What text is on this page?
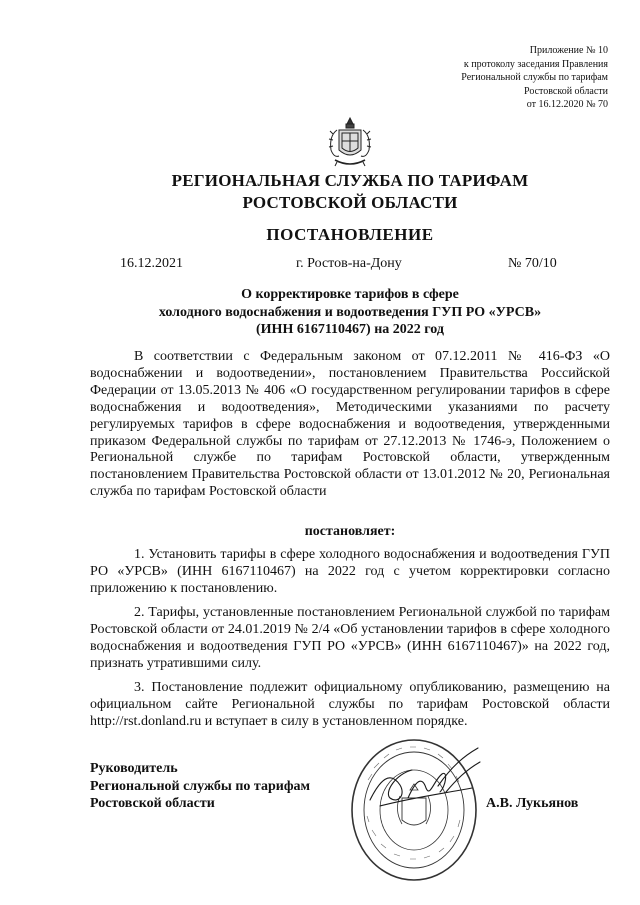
Приложение № 10
к протоколу заседания Правления
Региональной службы по тарифам
Ростовской области
от 16.12.2020 № 70
РЕГИОНАЛЬНАЯ СЛУЖБА ПО ТАРИФАМ
РОСТОВСКОЙ ОБЛАСТИ
ПОСТАНОВЛЕНИЕ
16.12.2021	г. Ростов-на-Дону	№ 70/10
О корректировке тарифов в сфере
холодного водоснабжения и водоотведения ГУП РО «УРСВ»
(ИНН 6167110467) на 2022 год

В соответствии с Федеральным законом от 07.12.2011 № 416-ФЗ «О водоснабжении и водоотведении», постановлением Правительства Российской Федерации от 13.05.2013 № 406 «О государственном регулировании тарифов в сфере водоснабжения и водоотведения», Методическими указаниями по расчету регулируемых тарифов в сфере водоснабжения и водоотведения, утвержденными приказом Федеральной службы по тарифам от 27.12.2013 № 1746-э, Положением о Региональной службе по тарифам Ростовской области, утвержденным постановлением Правительства Ростовской области от 13.01.2012 № 20, Региональная служба по тарифам Ростовской области

постановляет:

1. Установить тарифы в сфере холодного водоснабжения и водоотведения ГУП РО «УРСВ» (ИНН 6167110467) на 2022 год с учетом корректировки согласно приложению к постановлению.

2. Тарифы, установленные постановлением Региональной службой по тарифам Ростовской области от 24.01.2019 № 2/4 «Об установлении тарифов в сфере холодного водоснабжения и водоотведения ГУП РО «УРСВ» (ИНН 6167110467)» на 2022 год, признать утратившими силу.

3. Постановление подлежит официальному опубликованию, размещению на официальном сайте Региональной службы по тарифам Ростовской области http://rst.donland.ru и вступает в силу в установленном порядке.

Руководитель
Региональной службы по тарифам
Ростовской области	А.В. Лукьянов
